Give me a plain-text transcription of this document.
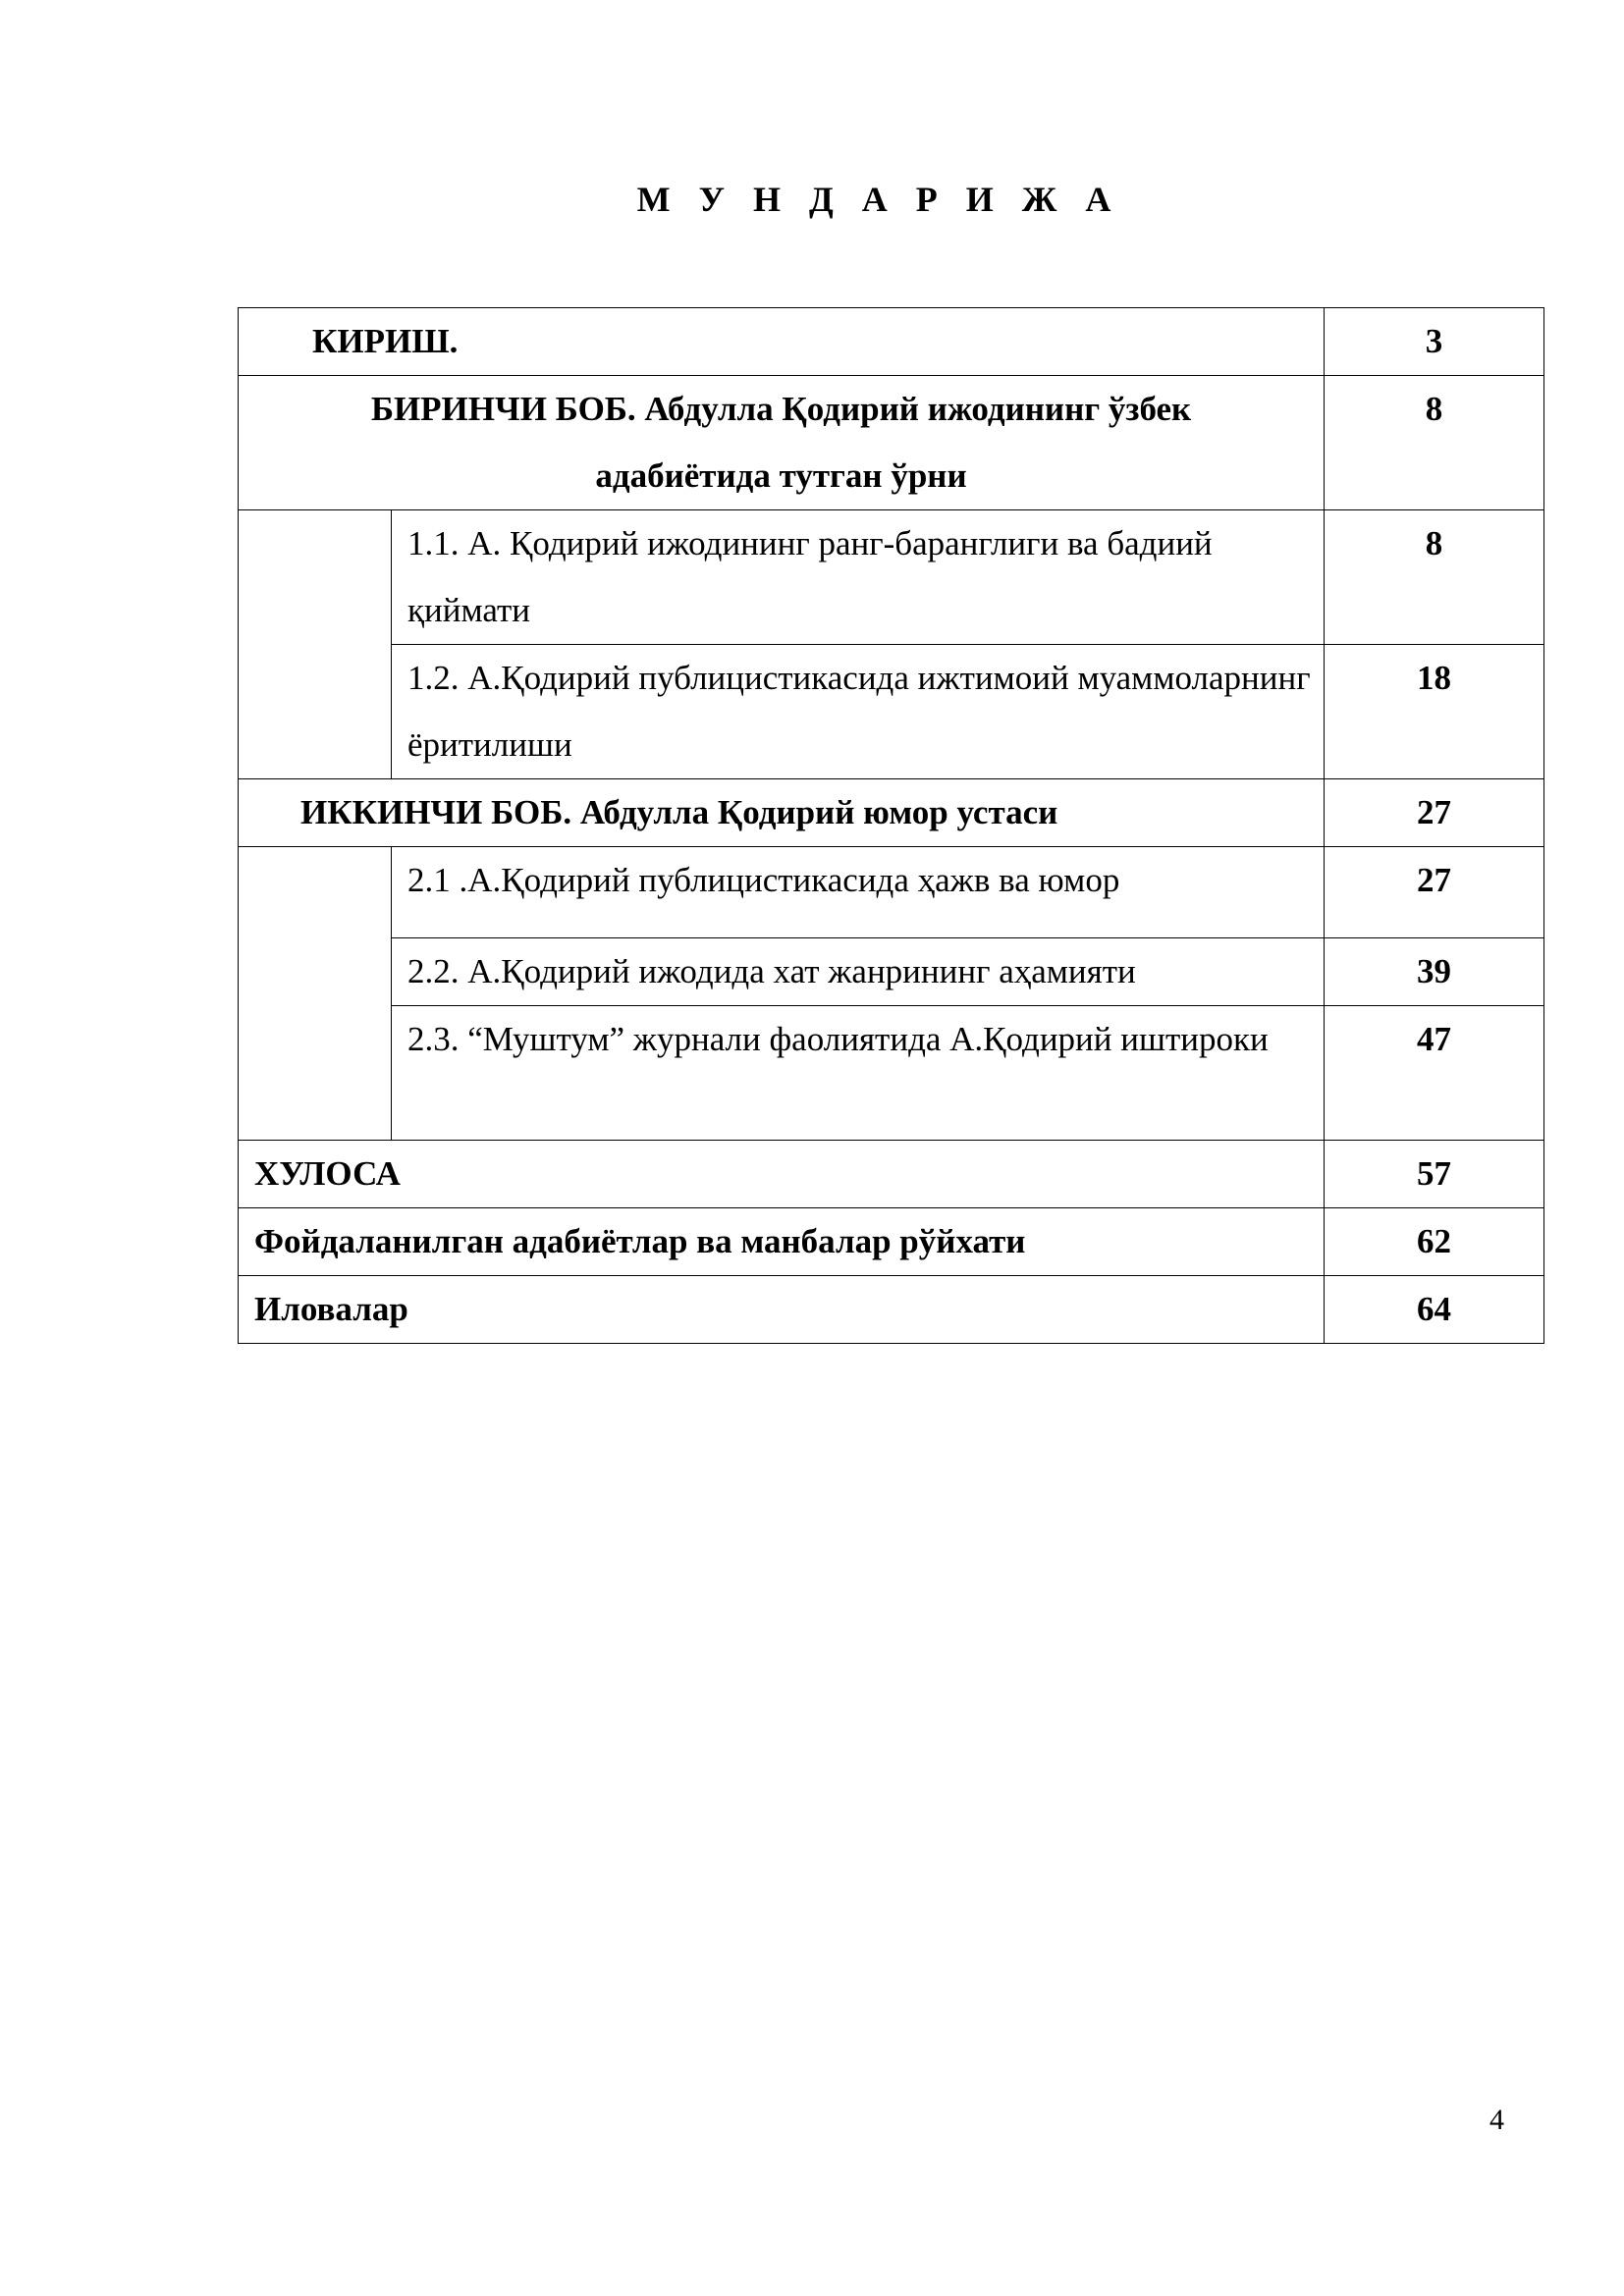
М У Н Д А Р И Ж А
КИРИШ.		3
БИРИНЧИ БОБ. Абдулла Қодирий ижодининг ўзбек адабиётида тутган ўрни		8
	1.1. А. Қодирий ижодининг ранг-баранглиги ва бадиий қиймати	8
	1.2. А.Қодирий публицистикасида ижтимоий муаммоларнинг ёритилиши	18
ИККИНЧИ БОБ. Абдулла Қодирий юмор устаси		27
	2.1 .А.Қодирий публицистикасида ҳажв ва юмор	27
	2.2. А.Қодирий ижодида хат жанрининг аҳамияти	39
	2.3. “Муштум” журнали фаолиятида А.Қодирий иштироки	47
ХУЛОСА		57
Фойдаланилган адабиётлар ва манбалар рўйхати		62
Иловалар		64
4
